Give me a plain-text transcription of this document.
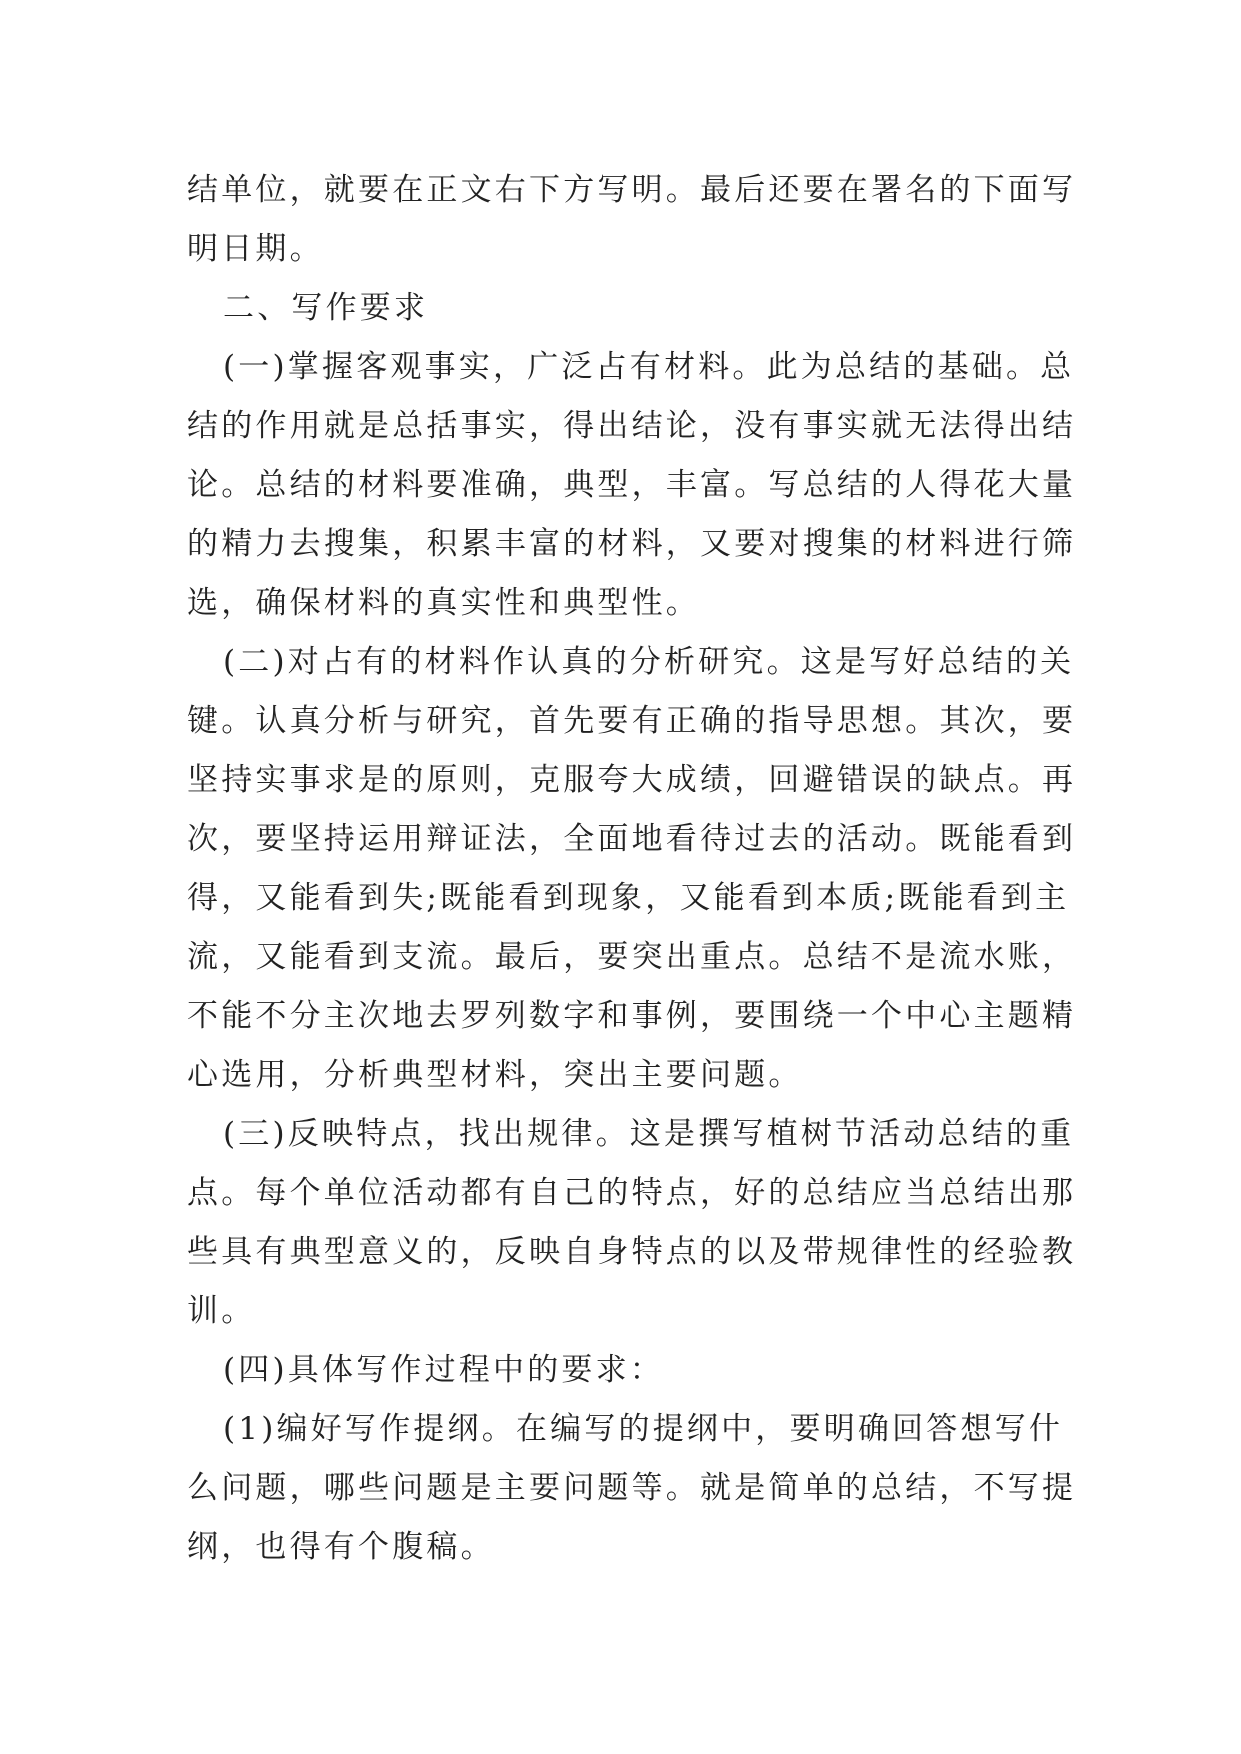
结单位，就要在正文右下方写明。最后还要在署名的下面写
明日期。
二、写作要求
(一)掌握客观事实，广泛占有材料。此为总结的基础。总
结的作用就是总括事实，得出结论，没有事实就无法得出结
论。总结的材料要准确，典型，丰富。写总结的人得花大量
的精力去搜集，积累丰富的材料，又要对搜集的材料进行筛
选，确保材料的真实性和典型性。
(二)对占有的材料作认真的分析研究。这是写好总结的关
键。认真分析与研究，首先要有正确的指导思想。其次，要
坚持实事求是的原则，克服夸大成绩，回避错误的缺点。再
次，要坚持运用辩证法，全面地看待过去的活动。既能看到
得，又能看到失;既能看到现象，又能看到本质;既能看到主
流，又能看到支流。最后，要突出重点。总结不是流水账，
不能不分主次地去罗列数字和事例，要围绕一个中心主题精
心选用，分析典型材料，突出主要问题。
(三)反映特点，找出规律。这是撰写植树节活动总结的重
点。每个单位活动都有自己的特点，好的总结应当总结出那
些具有典型意义的，反映自身特点的以及带规律性的经验教
训。
(四)具体写作过程中的要求：
(1)编好写作提纲。在编写的提纲中，要明确回答想写什
么问题，哪些问题是主要问题等。就是简单的总结，不写提
纲，也得有个腹稿。
